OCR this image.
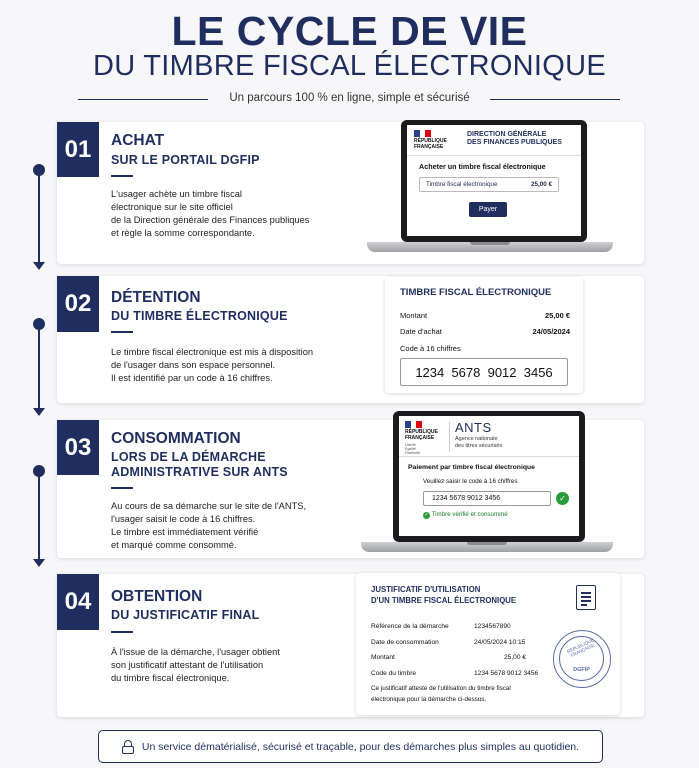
LE CYCLE DE VIE
DU TIMBRE FISCAL ÉLECTRONIQUE
Un parcours 100 % en ligne, simple et sécurisé
01	ACHAT
SUR LE PORTAIL DGFIP
L'usager achète un timbre fiscal
électronique sur le site officiel
de la Direction générale des Finances publiques
et règle la somme correspondante.
RÉPUBLIQUE
FRANÇAISE
DIRECTION GÉNÉRALE
DES FINANCES PUBLIQUES
Acheter un timbre fiscal électronique
Timbre fiscal électronique	25,00 €
Payer
02	DÉTENTION
DU TIMBRE ÉLECTRONIQUE
Le timbre fiscal électronique est mis à disposition
de l'usager dans son espace personnel.
Il est identifié par un code à 16 chiffres.
TIMBRE FISCAL ÉLECTRONIQUE
Montant	25,00 €
Date d'achat	24/05/2024
Code à 16 chiffres
1234  5678  9012  3456
03	CONSOMMATION
LORS DE LA DÉMARCHE
ADMINISTRATIVE SUR ANTS
Au cours de sa démarche sur le site de l'ANTS,
l'usager saisit le code à 16 chiffres.
Le timbre est immédiatement vérifié
et marqué comme consommé.
RÉPUBLIQUE
FRANÇAISE
Liberté
Égalité
Fraternité
ANTS
Agence nationale
des titres sécurisés
Paiement par timbre fiscal électronique
Veuillez saisir le code à 16 chiffres
1234 5678 9012 3456	✓
✓ Timbre vérifié et consommé
04	OBTENTION
DU JUSTIFICATIF FINAL
À l'issue de la démarche, l'usager obtient
son justificatif attestant de l'utilisation
du timbre fiscal électronique.
JUSTIFICATIF D'UTILISATION
D'UN TIMBRE FISCAL ÉLECTRONIQUE
Référence de la démarche	1234567890
Date de consommation	24/05/2024 10:15
Montant	25,00 €
Code du timbre	1234 5678 9012 3456
RÉPUBLIQUE FRANÇAISE
DGFIP
Ce justificatif atteste de l'utilisation du timbre fiscal
électronique pour la démarche ci-dessus.
Un service dématérialisé, sécurisé et traçable, pour des démarches plus simples au quotidien.
